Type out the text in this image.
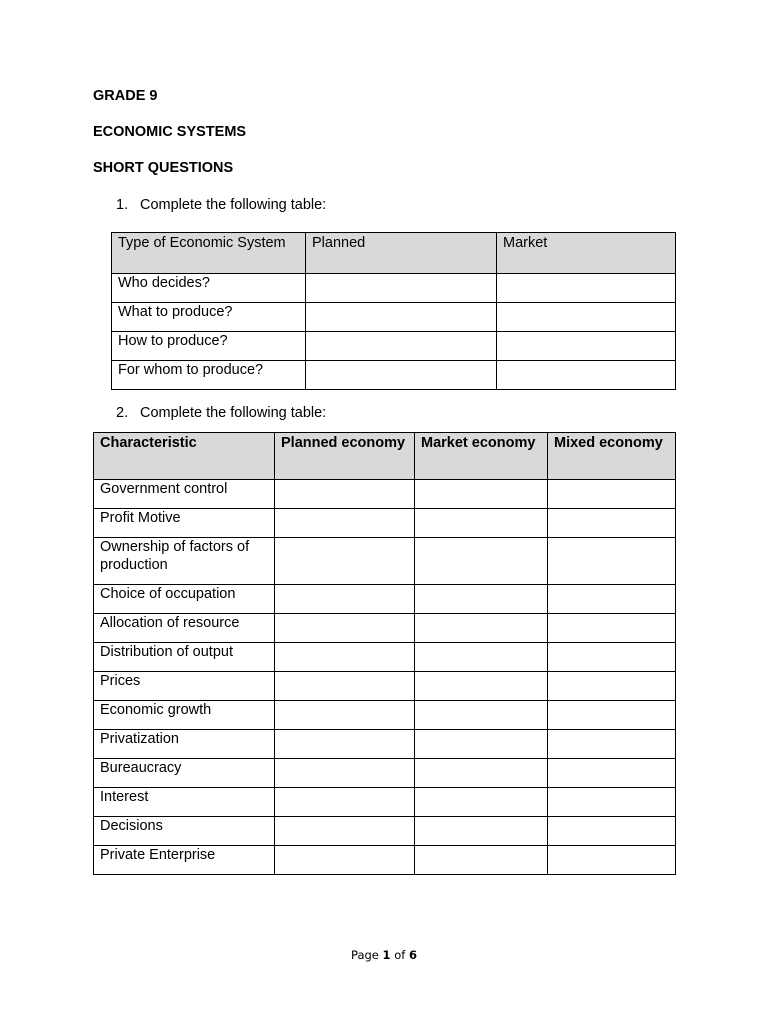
GRADE 9
ECONOMIC SYSTEMS
SHORT QUESTIONS
1. Complete the following table:
Type of Economic System	Planned	Market
Who decides?		
What to produce?		
How to produce?		
For whom to produce?		
2. Complete the following table:
Characteristic	Planned economy	Market economy	Mixed economy
Government control			
Profit Motive			
Ownership of factors of production			
Choice of occupation			
Allocation of resource			
Distribution of output			
Prices			
Economic growth			
Privatization			
Bureaucracy			
Interest			
Decisions			
Private Enterprise			
Page 1 of 6
